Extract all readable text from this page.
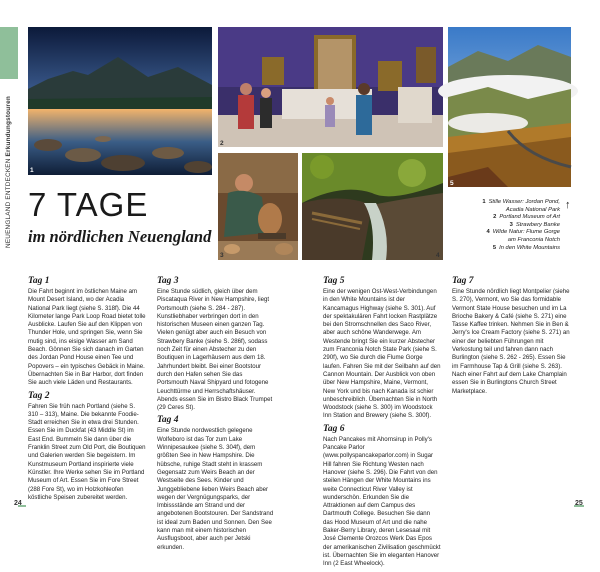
NEUENGLAND ENTDECKEN Erkundungstouren
1
2
3	4
5
7 TAGE
im nördlichen Neuengland
1 Stille Wasser: Jordan Pond,
Acadia National Park
2 Portland Museum of Art
3 Strawbery Banke
4 Wilde Natur: Flume Gorge
am Franconia Notch
5 In den White Mountains
↑
Tag 1

Die Fahrt beginnt im östlichen Maine am Mount Desert Island, wo der Acadia National Park liegt (siehe S. 318f). Die 44 Kilometer lange Park Loop Road bietet tolle Ausblicke. Laufen Sie auf den Klippen von Thunder Hole, und springen Sie, wenn Sie mutig sind, ins eisige Wasser am Sand Beach. Gönnen Sie sich danach im Garten des Jordan Pond House einen Tee und Popovers – ein typisches Gebäck in Maine. Übernachten Sie in Bar Harbor, dort finden Sie auch viele Läden und Restaurants.

Tag 2

Fahren Sie früh nach Portland (siehe S. 310 – 313), Maine. Die bekannte Foodie-Stadt erreichen Sie in etwa drei Stunden. Essen Sie im Duckfat (43 Middle St) im East End. Bummeln Sie dann über die Franklin Street zum Old Port, die Boutiquen und Galerien werden Sie begeistern. Im Kunstmuseum Portland inspirierte viele Künstler. Ihre Werke sehen Sie im Portland Museum of Art. Essen Sie im Fore Street (288 Fore St), wo im Holzkohleofen köstliche Speisen zubereitet werden.

Tag 3

Eine Stunde südlich, gleich über dem Piscataqua River in New Hampshire, liegt Portsmouth (siehe S. 284 - 287). Kunstliebhaber verbringen dort in den historischen Museen einen ganzen Tag. Vielen genügt aber auch ein Besuch von Strawbery Banke (siehe S. 286f), sodass noch Zeit für einen Abstecher zu den Boutiquen in Lagerhäusern aus dem 18. Jahrhundert bleibt. Bei einer Bootstour durch den Hafen sehen Sie das Portsmouth Naval Shipyard und fotogene Leuchttürme und Herrschaftshäuser. Abends essen Sie im Bistro Black Trumpet (29 Ceres St).

Tag 4

Eine Stunde nordwestlich gelegene Wolfeboro ist das Tor zum Lake Winnipesaukee (siehe S. 304f), dem größten See in New Hampshire. Die hübsche, ruhige Stadt steht in krassem Gegensatz zum Weirs Beach an der Westseite des Sees. Kinder und Junggebliebene lieben Weirs Beach aber wegen der Vergnügungsparks, der Imbissstände am Strand und der angebotenen Bootstouren. Der Sandstrand ist ideal zum Baden und Sonnen. Den See kann man mit einem historischen Ausflugsboot, aber auch per Jetski erkunden.

Tag 5

Eine der wenigen Ost-West-Verbindungen in den White Mountains ist der Kancamagus Highway (siehe S. 301). Auf der spektakulären Fahrt locken Rastplätze bei den Stromschnellen des Saco River, aber auch schöne Wanderwege. Am Westende bringt Sie ein kurzer Abstecher zum Franconia Notch State Park (siehe S. 290f), wo Sie durch die Flume Gorge laufen. Fahren Sie mit der Seilbahn auf den Cannon Mountain. Der Ausblick von oben über New Hampshire, Maine, Vermont, New York und bis nach Kanada ist schier unbeschreiblich. Übernachten Sie in North Woodstock (siehe S. 300) im Woodstock Inn Station and Brewery (siehe S. 300f).

Tag 6

Nach Pancakes mit Ahornsirup in Polly's Pancake Parlor (www.pollyspancakeparlor.com) in Sugar Hill fahren Sie Richtung Westen nach Hanover (siehe S. 296). Die Fahrt von den steilen Hängen der White Mountains ins weite Connecticut River Valley ist wunderschön. Erkunden Sie die Attraktionen auf dem Campus des Dartmouth College. Besuchen Sie dann das Hood Museum of Art und die nahe Baker-Berry Library, deren Lesesaal mit José Clemente Orozcos Werk Das Epos der amerikanischen Zivilisation geschmückt ist. Übernachten Sie im eleganten Hanover Inn (2 East Wheelock).

Tag 7

Eine Stunde nördlich liegt Montpelier (siehe S. 270), Vermont, wo Sie das formidable Vermont State House besuchen und im La Brioche Bakery & Café (siehe S. 271) eine Tasse Kaffee trinken. Nehmen Sie in Ben & Jerry's Ice Cream Factory (siehe S. 271) an einer der beliebten Führungen mit Verkostung teil und fahren dann nach Burlington (siehe S. 262 - 265). Essen Sie im Farmhouse Tap & Grill (siehe S. 263). Nach einer Fahrt auf dem Lake Champlain essen Sie in Burlingtons Church Street Marketplace.

24	25
